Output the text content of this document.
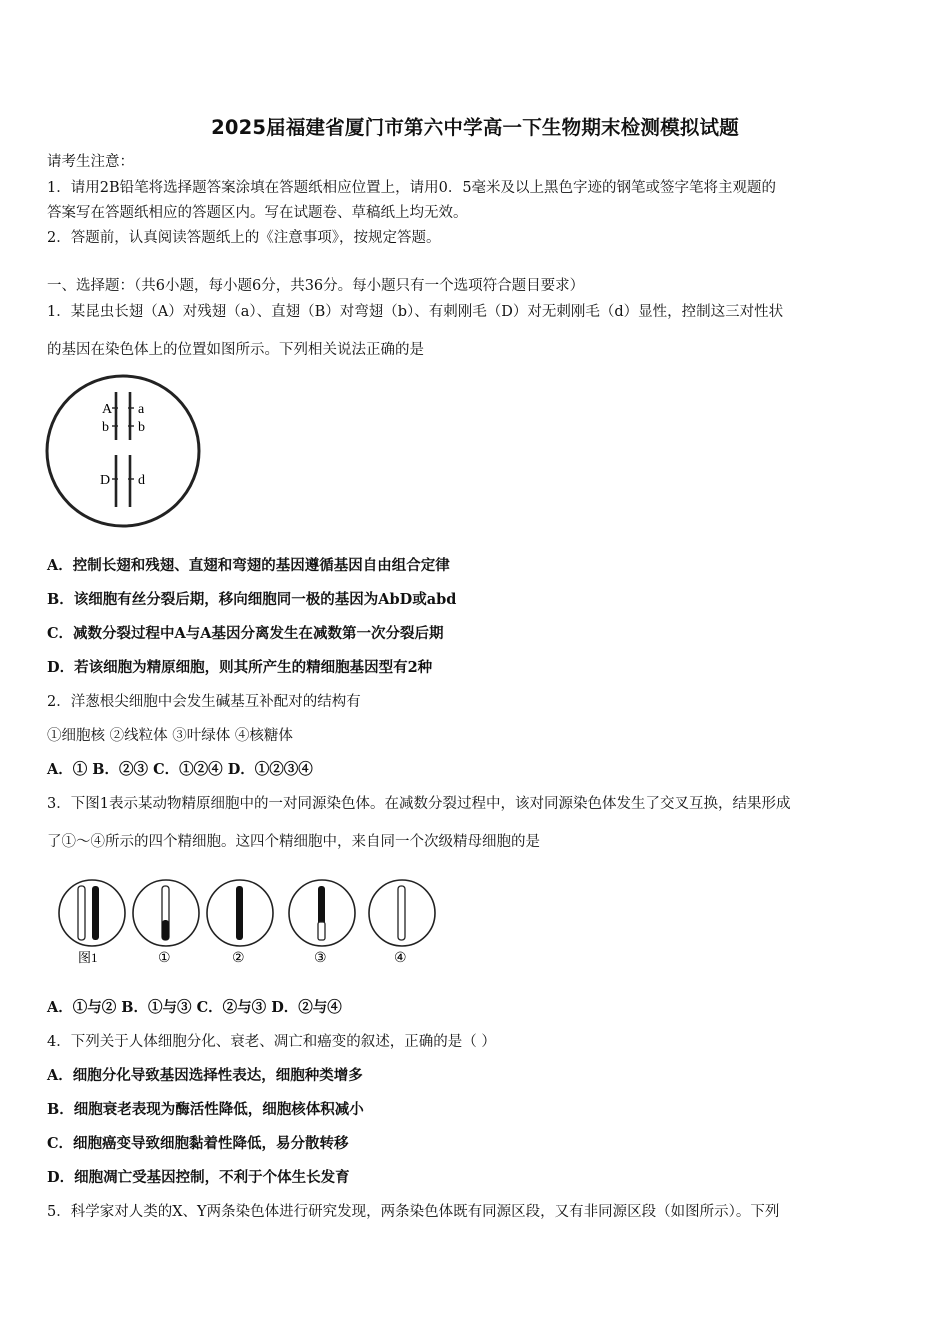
2025届福建省厦门市第六中学高一下生物期末检测模拟试题
请考生注意：
1．请用2B铅笔将选择题答案涂填在答题纸相应位置上，请用0．5毫米及以上黑色字迹的钢笔或签字笔将主观题的
答案写在答题纸相应的答题区内。写在试题卷、草稿纸上均无效。
2．答题前，认真阅读答题纸上的《注意事项》，按规定答题。
一、选择题：（共6小题，每小题6分，共36分。每小题只有一个选项符合题目要求）
1．某昆虫长翅（A）对残翅（a）、直翅（B）对弯翅（b）、有刺刚毛（D）对无刺刚毛（d）显性，控制这三对性状
的基因在染色体上的位置如图所示。下列相关说法正确的是
A
b
a
b
D d
A．控制长翅和残翅、直翅和弯翅的基因遵循基因自由组合定律
B．该细胞有丝分裂后期，移向细胞同一极的基因为AbD或abd
C．减数分裂过程中A与A基因分离发生在减数第一次分裂后期
D．若该细胞为精原细胞，则其所产生的精细胞基因型有2种
2．洋葱根尖细胞中会发生碱基互补配对的结构有
①细胞核 ②线粒体 ③叶绿体 ④核糖体
A．① B．②③ C．①②④ D．①②③④
3．下图1表示某动物精原细胞中的一对同源染色体。在减数分裂过程中，该对同源染色体发生了交叉互换，结果形成
了①～④所示的四个精细胞。这四个精细胞中，来自同一个次级精母细胞的是
图1	①	②	③	④
A．①与② B．①与③ C．②与③ D．②与④
4．下列关于人体细胞分化、衰老、凋亡和癌变的叙述，正确的是（ ）
A．细胞分化导致基因选择性表达，细胞种类增多
B．细胞衰老表现为酶活性降低，细胞核体积减小
C．细胞癌变导致细胞黏着性降低，易分散转移
D．细胞凋亡受基因控制，不利于个体生长发育
5．科学家对人类的X、Y两条染色体进行研究发现，两条染色体既有同源区段，又有非同源区段（如图所示）。下列
